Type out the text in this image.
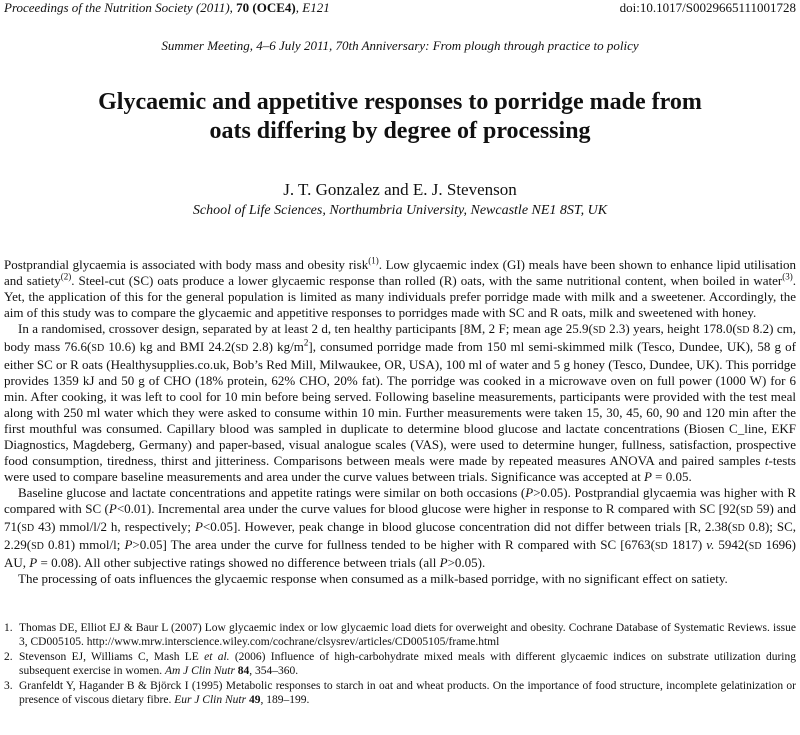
Proceedings of the Nutrition Society (2011), 70 (OCE4), E121	doi:10.1017/S0029665111001728
Summer Meeting, 4–6 July 2011, 70th Anniversary: From plough through practice to policy
Glycaemic and appetitive responses to porridge made from
oats differing by degree of processing
J. T. Gonzalez and E. J. Stevenson
School of Life Sciences, Northumbria University, Newcastle NE1 8ST, UK

Postprandial glycaemia is associated with body mass and obesity risk$^{(1)}$. Low glycaemic index (GI) meals have been shown to enhance lipid utilisation and satiety$^{(2)}$. Steel-cut (SC) oats produce a lower glycaemic response than rolled (R) oats, with the same nutritional content, when boiled in water$^{(3)}$. Yet, the application of this for the general population is limited as many individuals prefer porridge made with milk and a sweetener. Accordingly, the aim of this study was to compare the glycaemic and appetitive responses to porridges made with SC and R oats, milk and sweetened with honey.

In a randomised, crossover design, separated by at least 2 d, ten healthy participants [8M, 2 F; mean age 25.9(SD 2.3) years, height 178.0(SD 8.2) cm, body mass 76.6(SD 10.6) kg and BMI 24.2(SD 2.8) $kg/m^2$], consumed porridge made from 150 ml semi-skimmed milk (Tesco, Dundee, UK), 58 g of either SC or R oats (Healthysupplies.co.uk, Bob’s Red Mill, Milwaukee, OR, USA), 100 ml of water and 5 g honey (Tesco, Dundee, UK). This porridge provides 1359 kJ and 50 g of CHO (18% protein, 62% CHO, 20% fat). The porridge was cooked in a microwave oven on full power (1000 W) for 6 min. After cooking, it was left to cool for 10 min before being served. Following baseline measurements, participants were provided with the test meal along with 250 ml water which they were asked to consume within 10 min. Further measurements were taken 15, 30, 45, 60, 90 and 120 min after the first mouthful was consumed. Capillary blood was sampled in duplicate to determine blood glucose and lactate concentrations (Biosen C_line, EKF Diagnostics, Magdeberg, Germany) and paper-based, visual analogue scales (VAS), were used to determine hunger, fullness, satisfaction, prospective food consumption, tiredness, thirst and jitteriness. Comparisons between meals were made by repeated measures ANOVA and paired samples t-tests were used to compare baseline measurements and area under the curve values between trials. Significance was accepted at P = 0.05.

Baseline glucose and lactate concentrations and appetite ratings were similar on both occasions (P>0.05). Postprandial glycaemia was higher with R compared with SC (P<0.01). Incremental area under the curve values for blood glucose were higher in response to R compared with SC [92(SD 59) and 71(SD 43) mmol/l/2 h, respectively; P<0.05]. However, peak change in blood glucose concentration did not differ between trials [R, 2.38(SD 0.8); SC, 2.29(SD 0.81) mmol/l; P>0.05] The area under the curve for fullness tended to be higher with R compared with SC [6763(SD 1817) v. 5942(SD 1696) AU, P = 0.08). All other subjective ratings showed no difference between trials (all P>0.05).

The processing of oats influences the glycaemic response when consumed as a milk-based porridge, with no significant effect on satiety.

1. Thomas DE, Elliot EJ & Baur L (2007) Low glycaemic index or low glycaemic load diets for overweight and obesity. Cochrane Database of Systematic Reviews. issue 3, CD005105. http://www.mrw.interscience.wiley.com/cochrane/clsysrev/articles/CD005105/frame.html
2. Stevenson EJ, Williams C, Mash LE et al. (2006) Influence of high-carbohydrate mixed meals with different glycaemic indices on substrate utilization during subsequent exercise in women. Am J Clin Nutr 84, 354–360.
3. Granfeldt Y, Hagander B & Björck I (1995) Metabolic responses to starch in oat and wheat products. On the importance of food structure, incomplete gelatinization or presence of viscous dietary fibre. Eur J Clin Nutr 49, 189–199.
